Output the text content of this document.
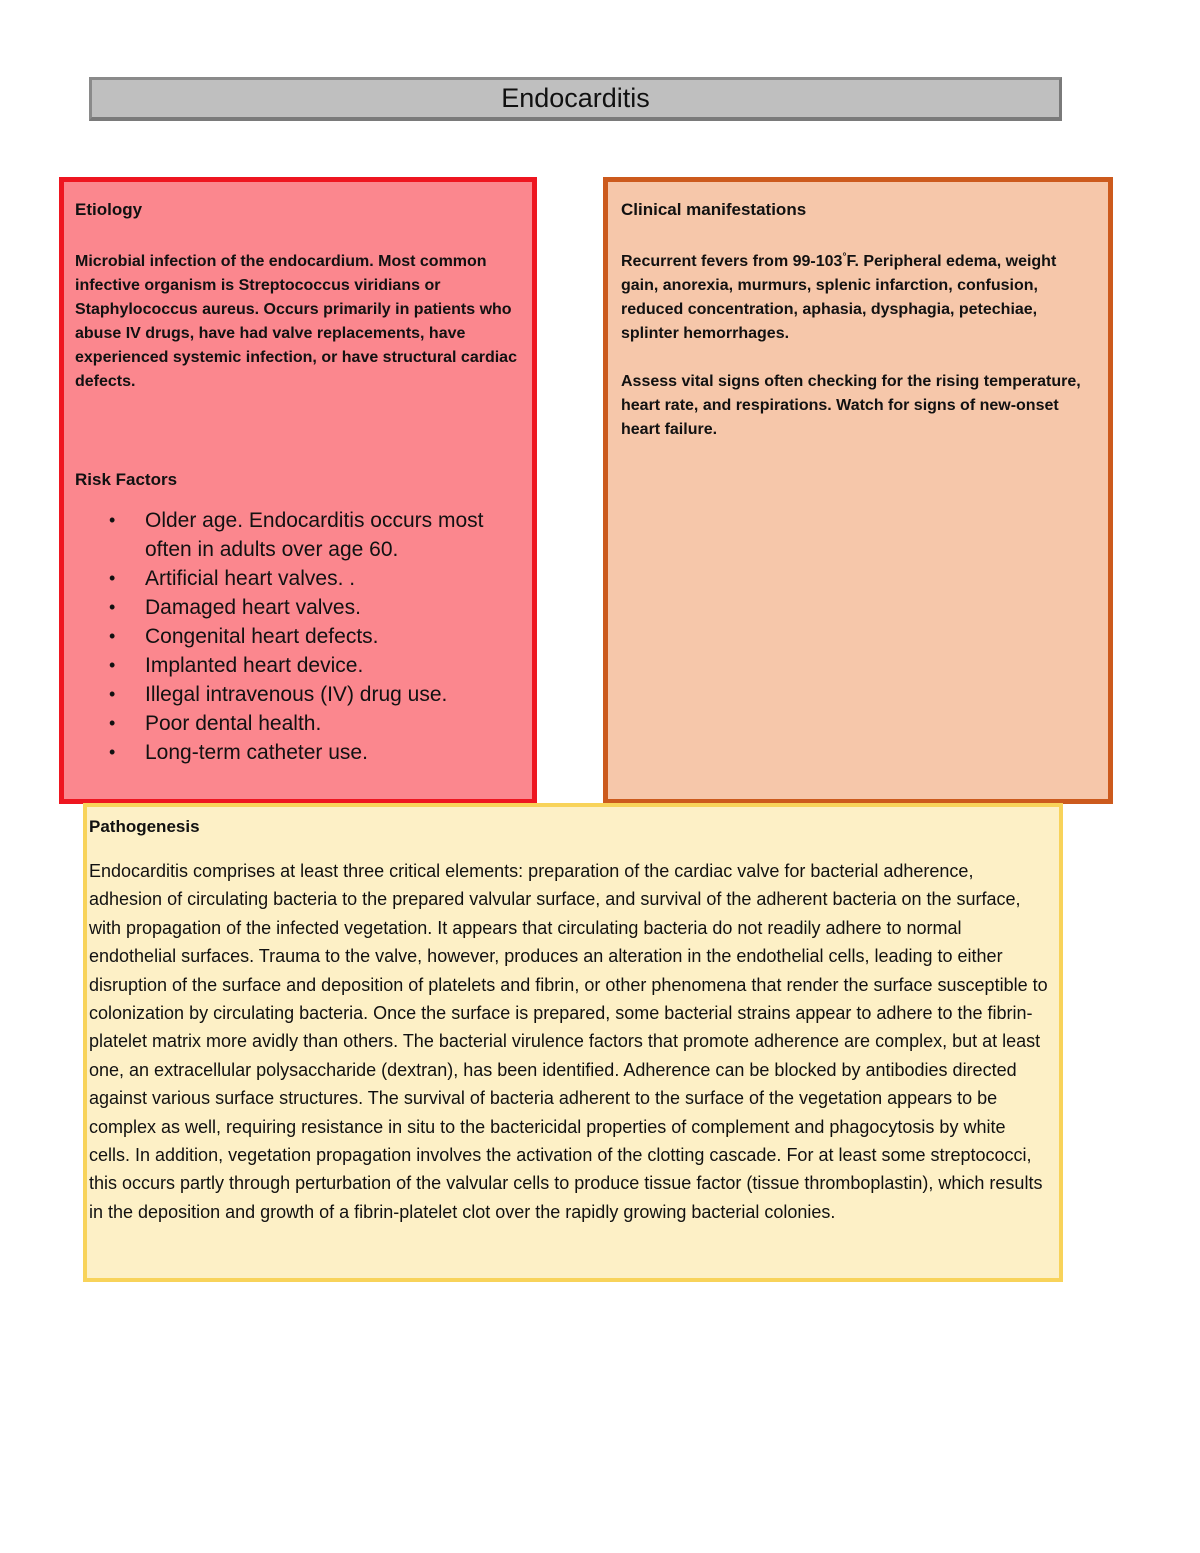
Endocarditis

Etiology

Microbial infection of the endocardium. Most common infective organism is Streptococcus viridians or Staphylococcus aureus. Occurs primarily in patients who abuse IV drugs, have had valve replacements, have experienced systemic infection, or have structural cardiac defects.

Risk Factors

•	Older age. Endocarditis occurs most often in adults over age 60.
•	Artificial heart valves. .
•	Damaged heart valves.
•	Congenital heart defects.
•	Implanted heart device.
•	Illegal intravenous (IV) drug use.
•	Poor dental health.
•	Long-term catheter use.

Clinical manifestations

Recurrent fevers from 99-103°F. Peripheral edema, weight gain, anorexia, murmurs, splenic infarction, confusion, reduced concentration, aphasia, dysphagia, petechiae, splinter hemorrhages.

Assess vital signs often checking for the rising temperature, heart rate, and respirations. Watch for signs of new-onset heart failure.

Pathogenesis

Endocarditis comprises at least three critical elements: preparation of the cardiac valve for bacterial adherence, adhesion of circulating bacteria to the prepared valvular surface, and survival of the adherent bacteria on the surface, with propagation of the infected vegetation. It appears that circulating bacteria do not readily adhere to normal endothelial surfaces. Trauma to the valve, however, produces an alteration in the endothelial cells, leading to either disruption of the surface and deposition of platelets and fibrin, or other phenomena that render the surface susceptible to colonization by circulating bacteria. Once the surface is prepared, some bacterial strains appear to adhere to the fibrin-platelet matrix more avidly than others. The bacterial virulence factors that promote adherence are complex, but at least one, an extracellular polysaccharide (dextran), has been identified. Adherence can be blocked by antibodies directed against various surface structures. The survival of bacteria adherent to the surface of the vegetation appears to be complex as well, requiring resistance in situ to the bactericidal properties of complement and phagocytosis by white cells. In addition, vegetation propagation involves the activation of the clotting cascade. For at least some streptococci, this occurs partly through perturbation of the valvular cells to produce tissue factor (tissue thromboplastin), which results in the deposition and growth of a fibrin-platelet clot over the rapidly growing bacterial colonies.
